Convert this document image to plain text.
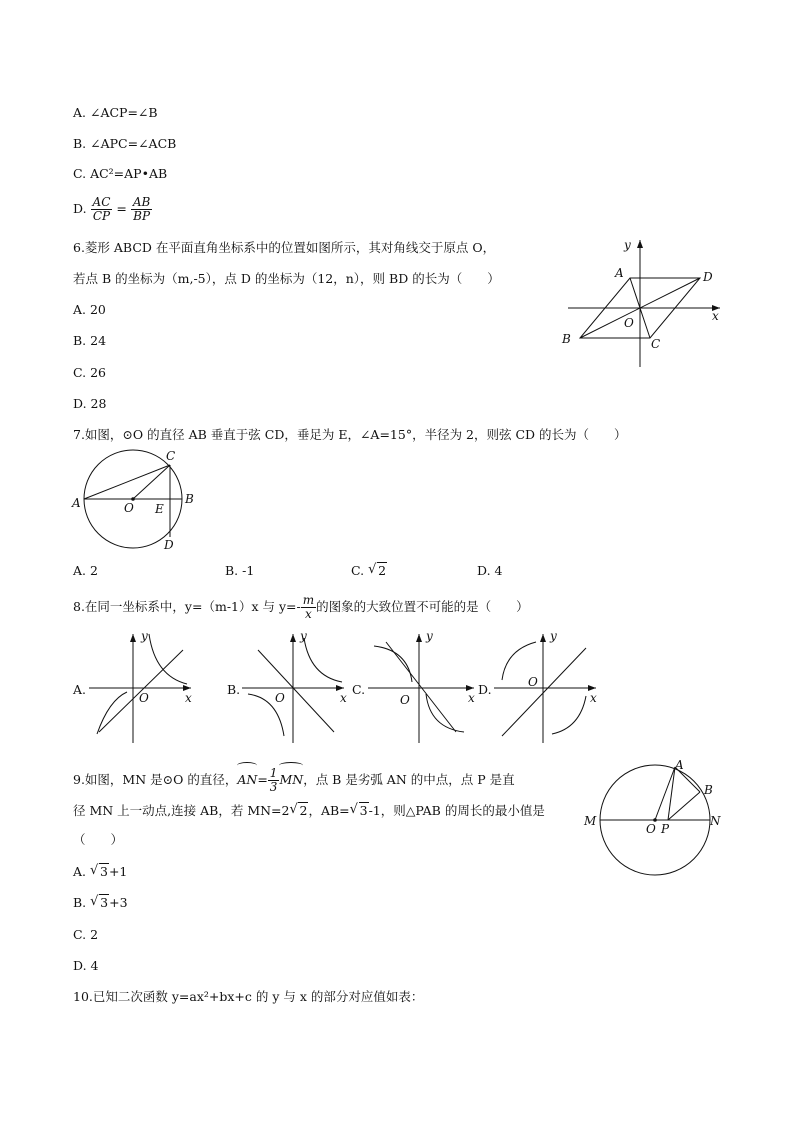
A. ∠ACP=∠B
B. ∠APC=∠ACB
C. AC²=AP•AB
D. $\frac{AC}{CP} = \frac{AB}{BP}$
6.菱形 ABCD 在平面直角坐标系中的位置如图所示，其对角线交于原点 O，
若点 B 的坐标为（m,-5），点 D 的坐标为（12，n），则 BD 的长为（　　）
A. 20
B. 24
C. 26
D. 28
A	D
B	C
O	x
y
7.如图，⊙O 的直径 AB 垂直于弦 CD，垂足为 E，∠A=15°，半径为 2，则弦 CD 的长为（　　）
A	B
C
D
O E
A. 2	B. -1	C. √ 2	D. 4
8.在同一坐标系中，y=（m-1）x 与 $y=- \frac{m}{x}$ 的图象的大致位置不可能的是（　　）
A.
x
y
O
B.
x
y
O
C.
x
y
O
D.
x
y
O
9.如图，MN 是⊙O 的直径，$AN= \frac{1}{3}$ MN，点 B 是劣弧 AN 的中点，点 P 是直
径 MN 上一动点,连接 AB，若 MN=2 √ 2，AB= √ 3-1，则△PAB 的周长的最小值是
（　　）
A. √ 3+1
B. √ 3+3
C. 2
D. 4
M	N
O P
A
B
10.已知二次函数 y=ax²+bx+c 的 y 与 x 的部分对应值如表：
